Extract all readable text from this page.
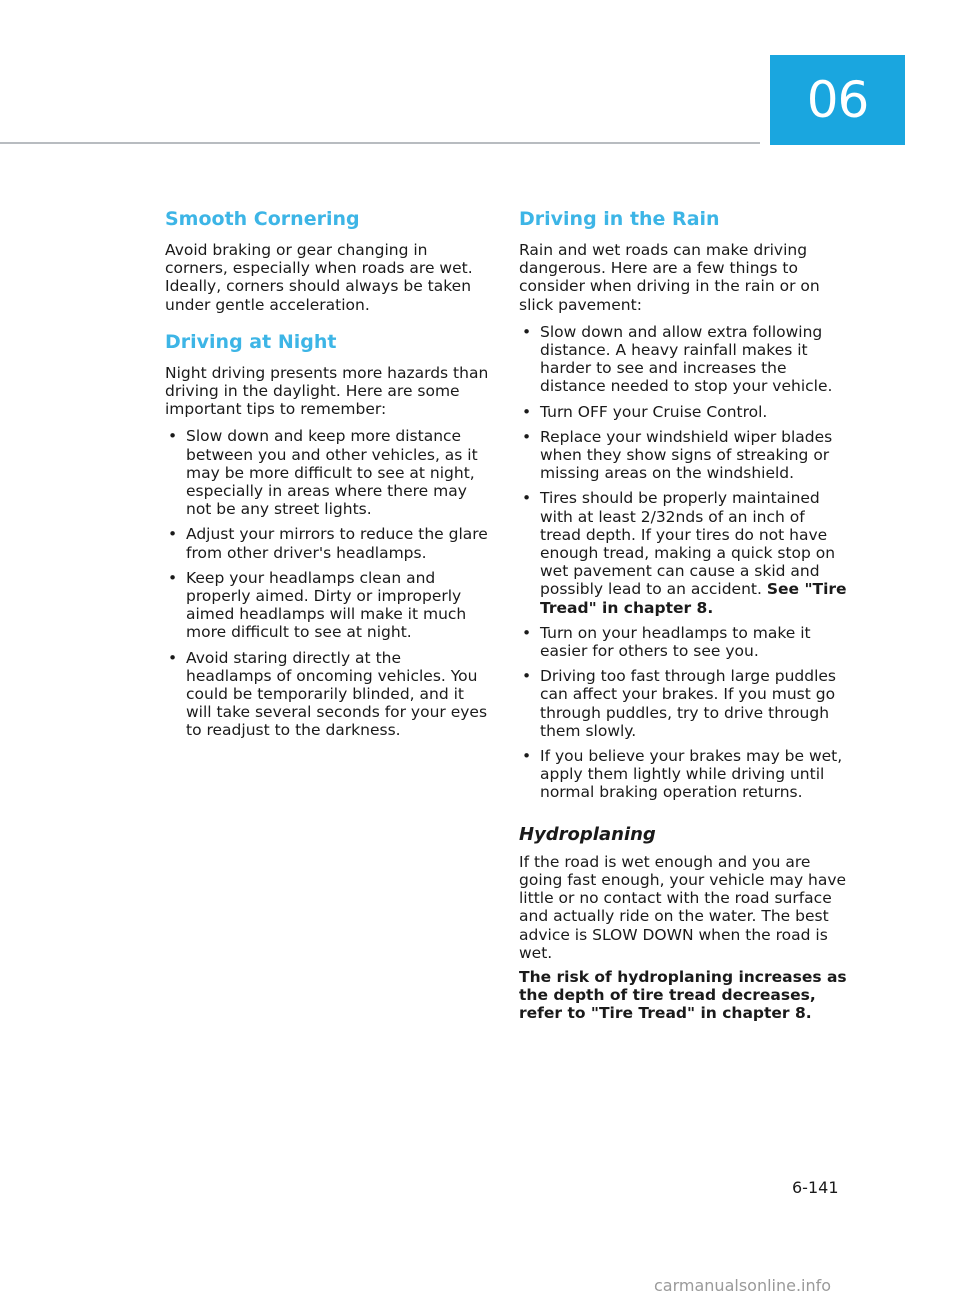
06
Smooth Cornering

Avoid braking or gear changing in corners, especially when roads are wet. Ideally, corners should always be taken under gentle acceleration.

Driving at Night

Night driving presents more hazards than driving in the daylight. Here are some important tips to remember:

• Slow down and keep more distance between you and other vehicles, as it may be more difficult to see at night, especially in areas where there may not be any street lights.
• Adjust your mirrors to reduce the glare from other driver's headlamps.
• Keep your headlamps clean and properly aimed. Dirty or improperly aimed headlamps will make it much more difficult to see at night.
• Avoid staring directly at the headlamps of oncoming vehicles. You could be temporarily blinded, and it will take several seconds for your eyes to readjust to the darkness.
Driving in the Rain

Rain and wet roads can make driving dangerous. Here are a few things to consider when driving in the rain or on slick pavement:

• Slow down and allow extra following distance. A heavy rainfall makes it harder to see and increases the distance needed to stop your vehicle.
• Turn OFF your Cruise Control.
• Replace your windshield wiper blades when they show signs of streaking or missing areas on the windshield.
• Tires should be properly maintained with at least 2/32nds of an inch of tread depth. If your tires do not have enough tread, making a quick stop on wet pavement can cause a skid and possibly lead to an accident. See "Tire Tread" in chapter 8.
• Turn on your headlamps to make it easier for others to see you.
• Driving too fast through large puddles can affect your brakes. If you must go through puddles, try to drive through them slowly.
• If you believe your brakes may be wet, apply them lightly while driving until normal braking operation returns.
Hydroplaning

If the road is wet enough and you are going fast enough, your vehicle may have little or no contact with the road surface and actually ride on the water. The best advice is SLOW DOWN when the road is wet.

The risk of hydroplaning increases as the depth of tire tread decreases, refer to "Tire Tread" in chapter 8.

6-141
carmanualsonline.info
